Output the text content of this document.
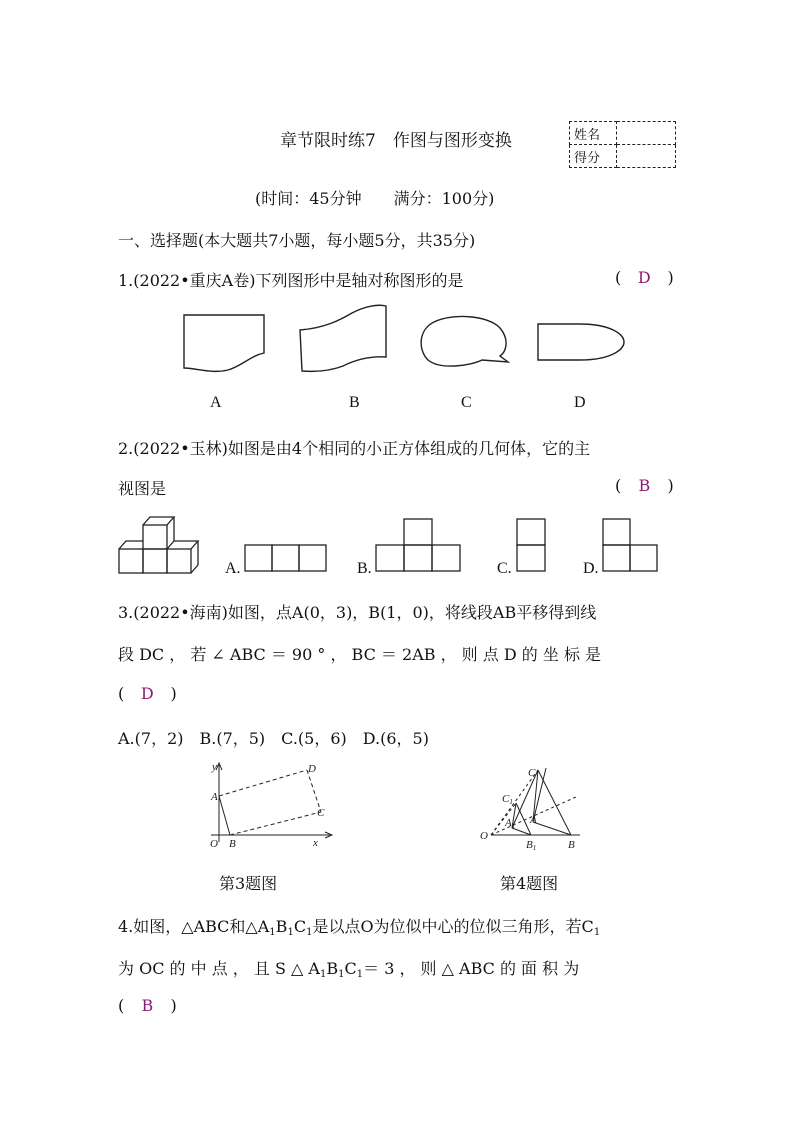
章节限时练7　作图与图形变换	姓名	
得分	
(时间：45分钟　　满分：100分)
一、选择题(本大题共7小题，每小题5分，共35分)
1.(2022•重庆A卷)下列图形中是轴对称图形的是	( D )
A	B	C	D
2.(2022•玉林)如图是由4个相同的小正方体组成的几何体，它的主
视图是	( B )
A.	B.	C.	D.
3.(2022•海南)如图，点A(0，3)，B(1，0)，将线段AB平移得到线
段 DC ， 若 ∠ ABC ＝ 90 ° ， BC ＝ 2AB ， 则 点 D 的 坐 标 是
( D )
A.(7，2)　B.(7，5)　C.(5，6)　D.(6，5)
y
x
O
A
B
C
D
第3题图
O
C
C1
A
A1
B1	B
第4题图
4.如图，△ABC和△A1B1C1是以点O为位似中心的位似三角形，若C1
为 OC 的 中 点 ， 且 S △ A1B1C1＝ 3 ， 则 △ ABC 的 面 积 为
( B )
